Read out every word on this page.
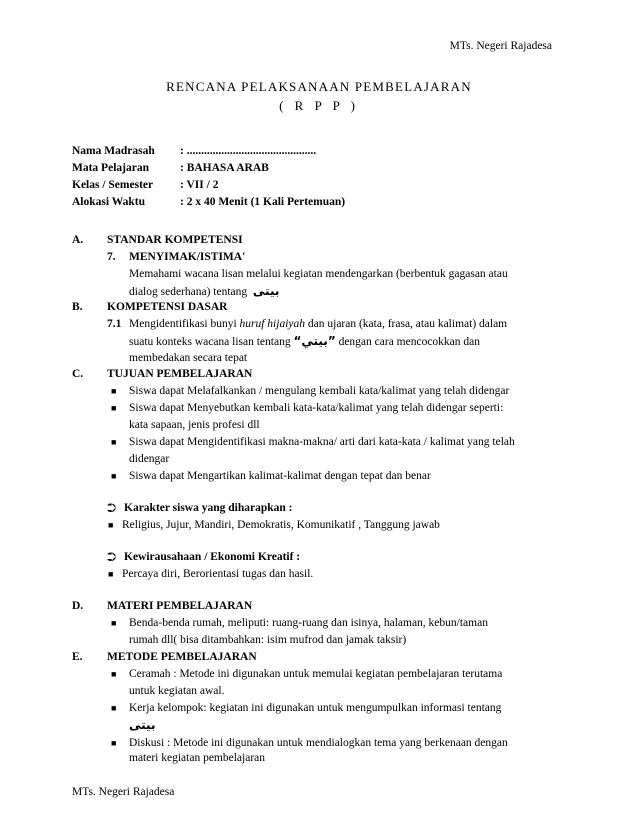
MTs. Negeri Rajadesa
RENCANA PELAKSANAAN PEMBELAJARAN
( R P P )
Nama Madrasah : .............................................
Mata Pelajaran	: BAHASA ARAB
Kelas / Semester : VII / 2
Alokasi Waktu	: 2 x 40 Menit (1 Kali Pertemuan)
A. STANDAR KOMPETENSI
7. MENYIMAK/ISTIMA'
Memahami wacana lisan melalui kegiatan mendengarkan (berbentuk gagasan atau
dialog sederhana) tentang بيتى
B. KOMPETENSI DASAR
7.1 Mengidentifikasi bunyi huruf hijaiyah dan ujaran (kata, frasa, atau kalimat) dalam
suatu konteks wacana lisan tentang “بيتي” dengan cara mencocokkan dan
membedakan secara tepat
C. TUJUAN PEMBELAJARAN
■ Siswa dapat Melafalkankan / mengulang kembali kata/kalimat yang telah didengar
■ Siswa dapat Menyebutkan kembali kata-kata/kalimat yang telah didengar seperti:
kata sapaan, jenis profesi dll
■ Siswa dapat Mengidentifikasi makna-makna/ arti dari kata-kata / kalimat yang telah
didengar
■ Siswa dapat Mengartikan kalimat-kalimat dengan tepat dan benar
⮊ Karakter siswa yang diharapkan :
■ Religius, Jujur, Mandiri, Demokratis, Komunikatif , Tanggung jawab
⮊ Kewirausahaan / Ekonomi Kreatif :
■ Percaya diri, Berorientasi tugas dan hasil.
D. MATERI PEMBELAJARAN
■ Benda-benda rumah, meliputi: ruang-ruang dan isinya, halaman, kebun/taman
rumah dll( bisa ditambahkan: isim mufrod dan jamak taksir)
E. METODE PEMBELAJARAN
■ Ceramah : Metode ini digunakan untuk memulai kegiatan pembelajaran terutama
untuk kegiatan awal.
■ Kerja kelompok: kegiatan ini digunakan untuk mengumpulkan informasi tentang
بيتى
■ Diskusi : Metode ini digunakan untuk mendialogkan tema yang berkenaan dengan
materi kegiatan pembelajaran
MTs. Negeri Rajadesa
